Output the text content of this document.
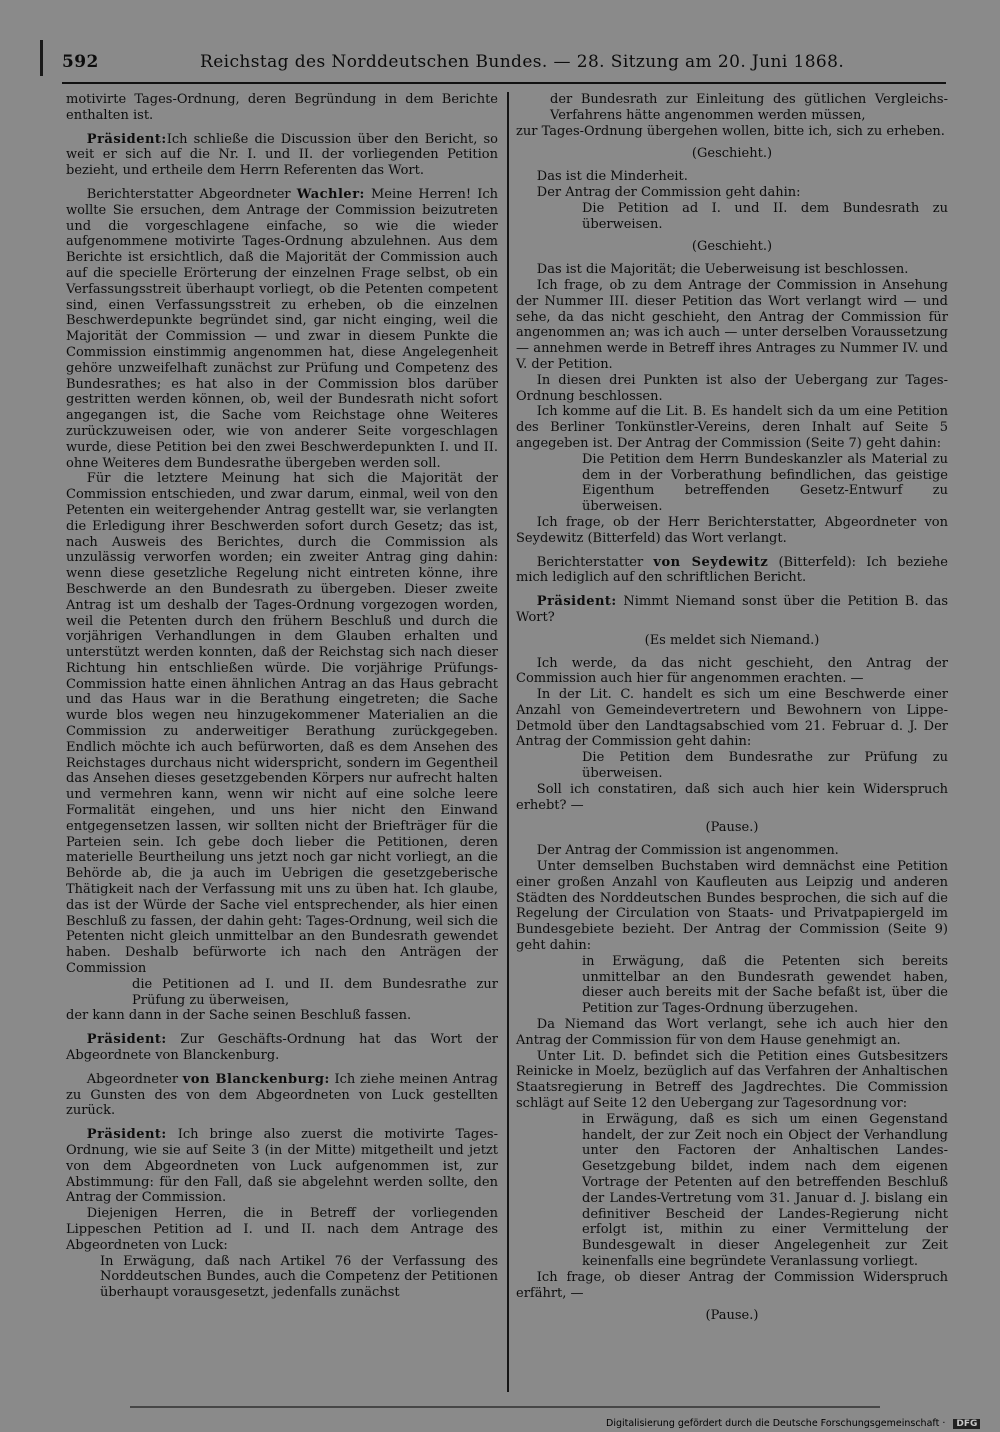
592	Reichstag des Norddeutschen Bundes. — 28. Sitzung am 20. Juni 1868.

motivirte Tages-Ordnung, deren Begründung in dem Berichte enthalten ist.

Präsident:Ich schließe die Discussion über den Bericht, so weit er sich auf die Nr. I. und II. der vorliegenden Petition bezieht, und ertheile dem Herrn Referenten das Wort.

Berichterstatter Abgeordneter Wachler: Meine Herren! Ich wollte Sie ersuchen, dem Antrage der Commission beizutreten und die vorgeschlagene einfache, so wie die wieder aufgenommene motivirte Tages-Ordnung abzulehnen. Aus dem Berichte ist ersichtlich, daß die Majorität der Commission auch auf die specielle Erörterung der einzelnen Frage selbst, ob ein Verfassungsstreit überhaupt vorliegt, ob die Petenten competent sind, einen Verfassungsstreit zu erheben, ob die einzelnen Beschwerdepunkte begründet sind, gar nicht einging, weil die Majorität der Commission — und zwar in diesem Punkte die Commission einstimmig angenommen hat, diese Angelegenheit gehöre unzweifelhaft zunächst zur Prüfung und Competenz des Bundesrathes; es hat also in der Commission blos darüber gestritten werden können, ob, weil der Bundesrath nicht sofort angegangen ist, die Sache vom Reichstage ohne Weiteres zurückzuweisen oder, wie von anderer Seite vorgeschlagen wurde, diese Petition bei den zwei Beschwerdepunkten I. und II. ohne Weiteres dem Bundesrathe übergeben werden soll.

Für die letztere Meinung hat sich die Majorität der Commission entschieden, und zwar darum, einmal, weil von den Petenten ein weitergehender Antrag gestellt war, sie verlangten die Erledigung ihrer Beschwerden sofort durch Gesetz; das ist, nach Ausweis des Berichtes, durch die Commission als unzulässig verworfen worden; ein zweiter Antrag ging dahin: wenn diese gesetzliche Regelung nicht eintreten könne, ihre Beschwerde an den Bundesrath zu übergeben. Dieser zweite Antrag ist um deshalb der Tages-Ordnung vorgezogen worden, weil die Petenten durch den frühern Beschluß und durch die vorjährigen Verhandlungen in dem Glauben erhalten und unterstützt werden konnten, daß der Reichstag sich nach dieser Richtung hin entschließen würde. Die vorjährige Prüfungs-Commission hatte einen ähnlichen Antrag an das Haus gebracht und das Haus war in die Berathung eingetreten; die Sache wurde blos wegen neu hinzugekommener Materialien an die Commission zu anderweitiger Berathung zurückgegeben. Endlich möchte ich auch befürworten, daß es dem Ansehen des Reichstages durchaus nicht widerspricht, sondern im Gegentheil das Ansehen dieses gesetzgebenden Körpers nur aufrecht halten und vermehren kann, wenn wir nicht auf eine solche leere Formalität eingehen, und uns hier nicht den Einwand entgegensetzen lassen, wir sollten nicht der Briefträger für die Parteien sein. Ich gebe doch lieber die Petitionen, deren materielle Beurtheilung uns jetzt noch gar nicht vorliegt, an die Behörde ab, die ja auch im Uebrigen die gesetzgeberische Thätigkeit nach der Verfassung mit uns zu üben hat. Ich glaube, das ist der Würde der Sache viel entsprechender, als hier einen Beschluß zu fassen, der dahin geht: Tages-Ordnung, weil sich die Petenten nicht gleich unmittelbar an den Bundesrath gewendet haben. Deshalb befürworte ich nach den Anträgen der Commission

die Petitionen ad I. und II. dem Bundesrathe zur Prüfung zu überweisen,

der kann dann in der Sache seinen Beschluß fassen.

Präsident: Zur Geschäfts-Ordnung hat das Wort der Abgeordnete von Blanckenburg.

Abgeordneter von Blanckenburg: Ich ziehe meinen Antrag zu Gunsten des von dem Abgeordneten von Luck gestellten zurück.

Präsident: Ich bringe also zuerst die motivirte Tages-Ordnung, wie sie auf Seite 3 (in der Mitte) mitgetheilt und jetzt von dem Abgeordneten von Luck aufgenommen ist, zur Abstimmung: für den Fall, daß sie abgelehnt werden sollte, den Antrag der Commission.

Diejenigen Herren, die in Betreff der vorliegenden Lippeschen Petition ad I. und II. nach dem Antrage des Abgeordneten von Luck:

In Erwägung, daß nach Artikel 76 der Verfassung des Norddeutschen Bundes, auch die Competenz der Petitionen überhaupt vorausgesetzt, jedenfalls zunächst

der Bundesrath zur Einleitung des gütlichen Vergleichs-Verfahrens hätte angenommen werden müssen,

zur Tages-Ordnung übergehen wollen, bitte ich, sich zu erheben.

(Geschieht.)

Das ist die Minderheit.

Der Antrag der Commission geht dahin:

Die Petition ad I. und II. dem Bundesrath zu überweisen.

(Geschieht.)

Das ist die Majorität; die Ueberweisung ist beschlossen.

Ich frage, ob zu dem Antrage der Commission in Ansehung der Nummer III. dieser Petition das Wort verlangt wird — und sehe, da das nicht geschieht, den Antrag der Commission für angenommen an; was ich auch — unter derselben Voraussetzung — annehmen werde in Betreff ihres Antrages zu Nummer IV. und V. der Petition.

In diesen drei Punkten ist also der Uebergang zur Tages-Ordnung beschlossen.

Ich komme auf die Lit. B. Es handelt sich da um eine Petition des Berliner Tonkünstler-Vereins, deren Inhalt auf Seite 5 angegeben ist. Der Antrag der Commission (Seite 7) geht dahin:

Die Petition dem Herrn Bundeskanzler als Material zu dem in der Vorberathung befindlichen, das geistige Eigenthum betreffenden Gesetz-Entwurf zu überweisen.

Ich frage, ob der Herr Berichterstatter, Abgeordneter von Seydewitz (Bitterfeld) das Wort verlangt.

Berichterstatter von Seydewitz (Bitterfeld): Ich beziehe mich lediglich auf den schriftlichen Bericht.

Präsident: Nimmt Niemand sonst über die Petition B. das Wort?

(Es meldet sich Niemand.)

Ich werde, da das nicht geschieht, den Antrag der Commission auch hier für angenommen erachten. —

In der Lit. C. handelt es sich um eine Beschwerde einer Anzahl von Gemeindevertretern und Bewohnern von Lippe-Detmold über den Landtagsabschied vom 21. Februar d. J. Der Antrag der Commission geht dahin:

Die Petition dem Bundesrathe zur Prüfung zu überweisen.

Soll ich constatiren, daß sich auch hier kein Widerspruch erhebt? —

(Pause.)

Der Antrag der Commission ist angenommen.

Unter demselben Buchstaben wird demnächst eine Petition einer großen Anzahl von Kaufleuten aus Leipzig und anderen Städten des Norddeutschen Bundes besprochen, die sich auf die Regelung der Circulation von Staats- und Privatpapiergeld im Bundesgebiete bezieht. Der Antrag der Commission (Seite 9) geht dahin:

in Erwägung, daß die Petenten sich bereits unmittelbar an den Bundesrath gewendet haben, dieser auch bereits mit der Sache befaßt ist, über die Petition zur Tages-Ordnung überzugehen.

Da Niemand das Wort verlangt, sehe ich auch hier den Antrag der Commission für von dem Hause genehmigt an.

Unter Lit. D. befindet sich die Petition eines Gutsbesitzers Reinicke in Moelz, bezüglich auf das Verfahren der Anhaltischen Staatsregierung in Betreff des Jagdrechtes. Die Commission schlägt auf Seite 12 den Uebergang zur Tagesordnung vor:

in Erwägung, daß es sich um einen Gegenstand handelt, der zur Zeit noch ein Object der Verhandlung unter den Factoren der Anhaltischen Landes-Gesetzgebung bildet, indem nach dem eigenen Vortrage der Petenten auf den betreffenden Beschluß der Landes-Vertretung vom 31. Januar d. J. bislang ein definitiver Bescheid der Landes-Regierung nicht erfolgt ist, mithin zu einer Vermittelung der Bundesgewalt in dieser Angelegenheit zur Zeit keinenfalls eine begründete Veranlassung vorliegt.

Ich frage, ob dieser Antrag der Commission Widerspruch erfährt, —

(Pause.)

Digitalisierung gefördert durch die Deutsche Forschungsgemeinschaft · DFG
